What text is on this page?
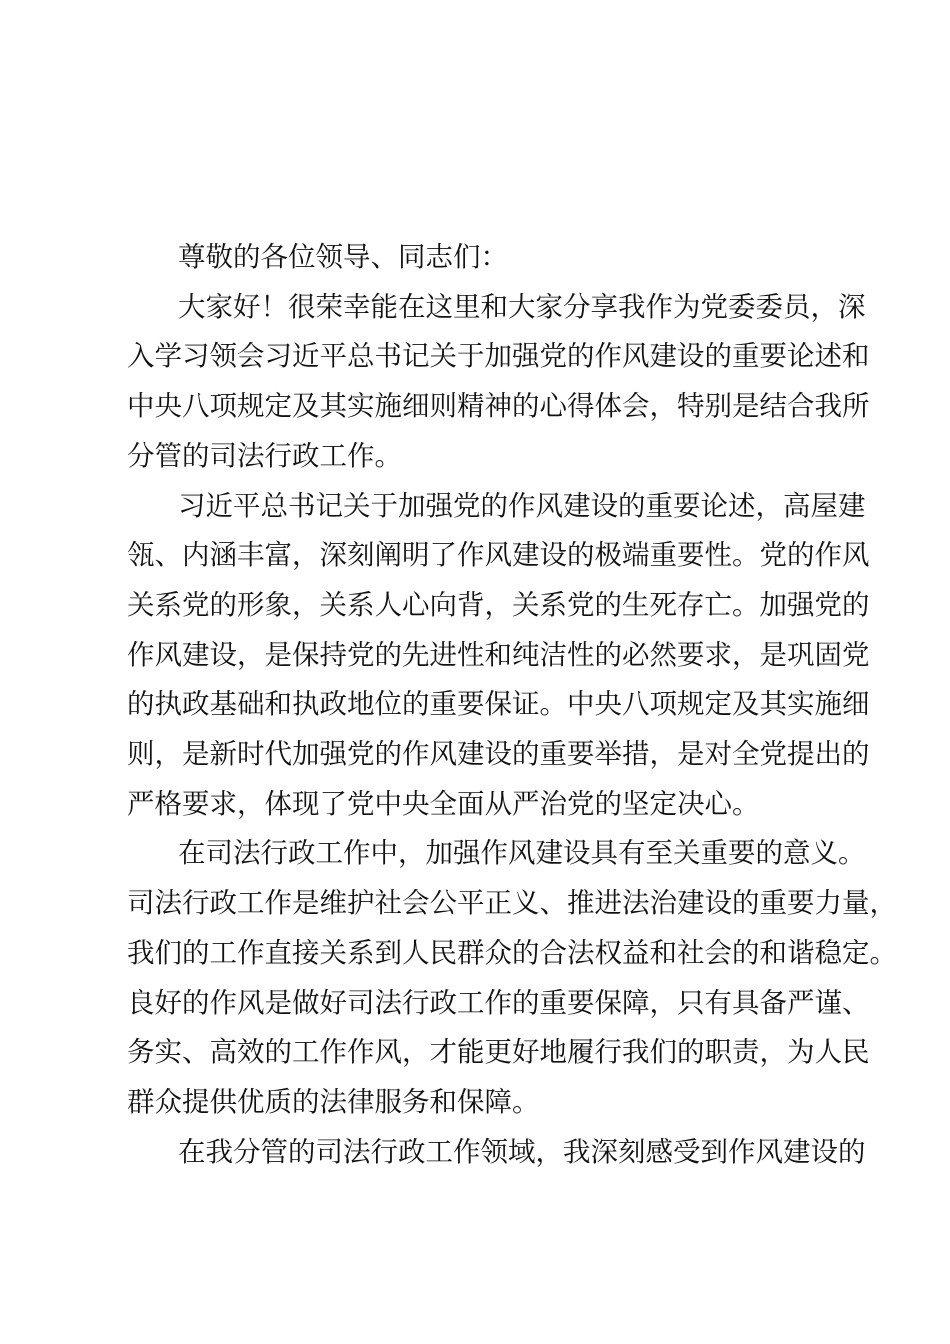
尊敬的各位领导、同志们：
大家好！很荣幸能在这里和大家分享我作为党委委员，深
入学习领会习近平总书记关于加强党的作风建设的重要论述和
中央八项规定及其实施细则精神的心得体会，特别是结合我所
分管的司法行政工作。
习近平总书记关于加强党的作风建设的重要论述，高屋建
瓴、内涵丰富，深刻阐明了作风建设的极端重要性。党的作风
关系党的形象，关系人心向背，关系党的生死存亡。加强党的
作风建设，是保持党的先进性和纯洁性的必然要求，是巩固党
的执政基础和执政地位的重要保证。中央八项规定及其实施细
则，是新时代加强党的作风建设的重要举措，是对全党提出的
严格要求，体现了党中央全面从严治党的坚定决心。
在司法行政工作中，加强作风建设具有至关重要的意义。
司法行政工作是维护社会公平正义、推进法治建设的重要力量，
我们的工作直接关系到人民群众的合法权益和社会的和谐稳定。
良好的作风是做好司法行政工作的重要保障，只有具备严谨、
务实、高效的工作作风，才能更好地履行我们的职责，为人民
群众提供优质的法律服务和保障。
在我分管的司法行政工作领域，我深刻感受到作风建设的
